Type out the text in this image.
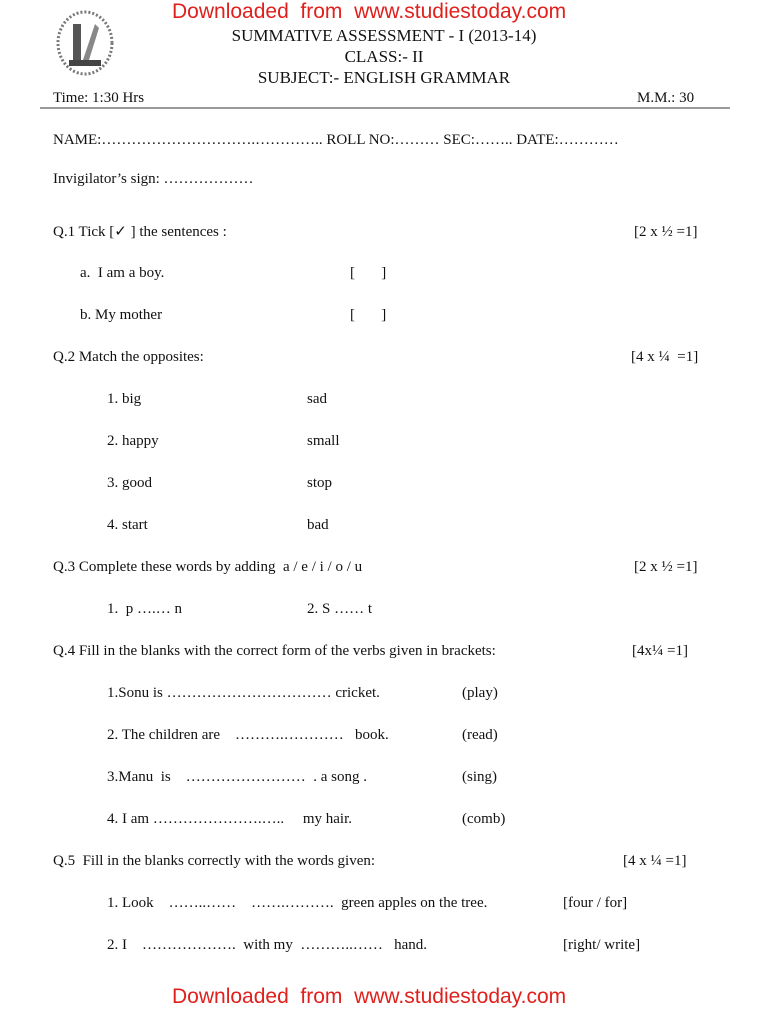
Downloaded  from  www.studiestoday.com
SUMMATIVE ASSESSMENT - I (2013-14)
CLASS:- II
SUBJECT:- ENGLISH GRAMMAR
Time: 1:30 Hrs	M.M.: 30
NAME:………………………….………….. ROLL NO:……… SEC:…….. DATE:…………
Invigilator’s sign: ………………
Q.1 Tick [✓ ] the sentences :	[2 x ½ =1]
a.  I am a boy.	[       ]
b. My mother	[       ]
Q.2 Match the opposites:	[4 x ¼  =1]
1. big	sad
2. happy	small
3. good	stop
4. start	bad
Q.3 Complete these words by adding  a / e / i / o / u	[2 x ½ =1]
1.  p ….… n	2. S …… t
Q.4 Fill in the blanks with the correct form of the verbs given in brackets:	[4x¼ =1]
1.Sonu is …………………………… cricket.	(play)
2. The children are    ……….…………   book.	(read)
3.Manu  is    ……………………  . a song .	(sing)
4. I am ………………….…..     my hair.	(comb)
Q.5  Fill in the blanks correctly with the words given:	[4 x ¼ =1]
1. Look    ……..……    …….……….  green apples on the tree.	[four / for]
2. I    ……………….  with my  ………..……   hand.	[right/ write]
Downloaded  from  www.studiestoday.com
